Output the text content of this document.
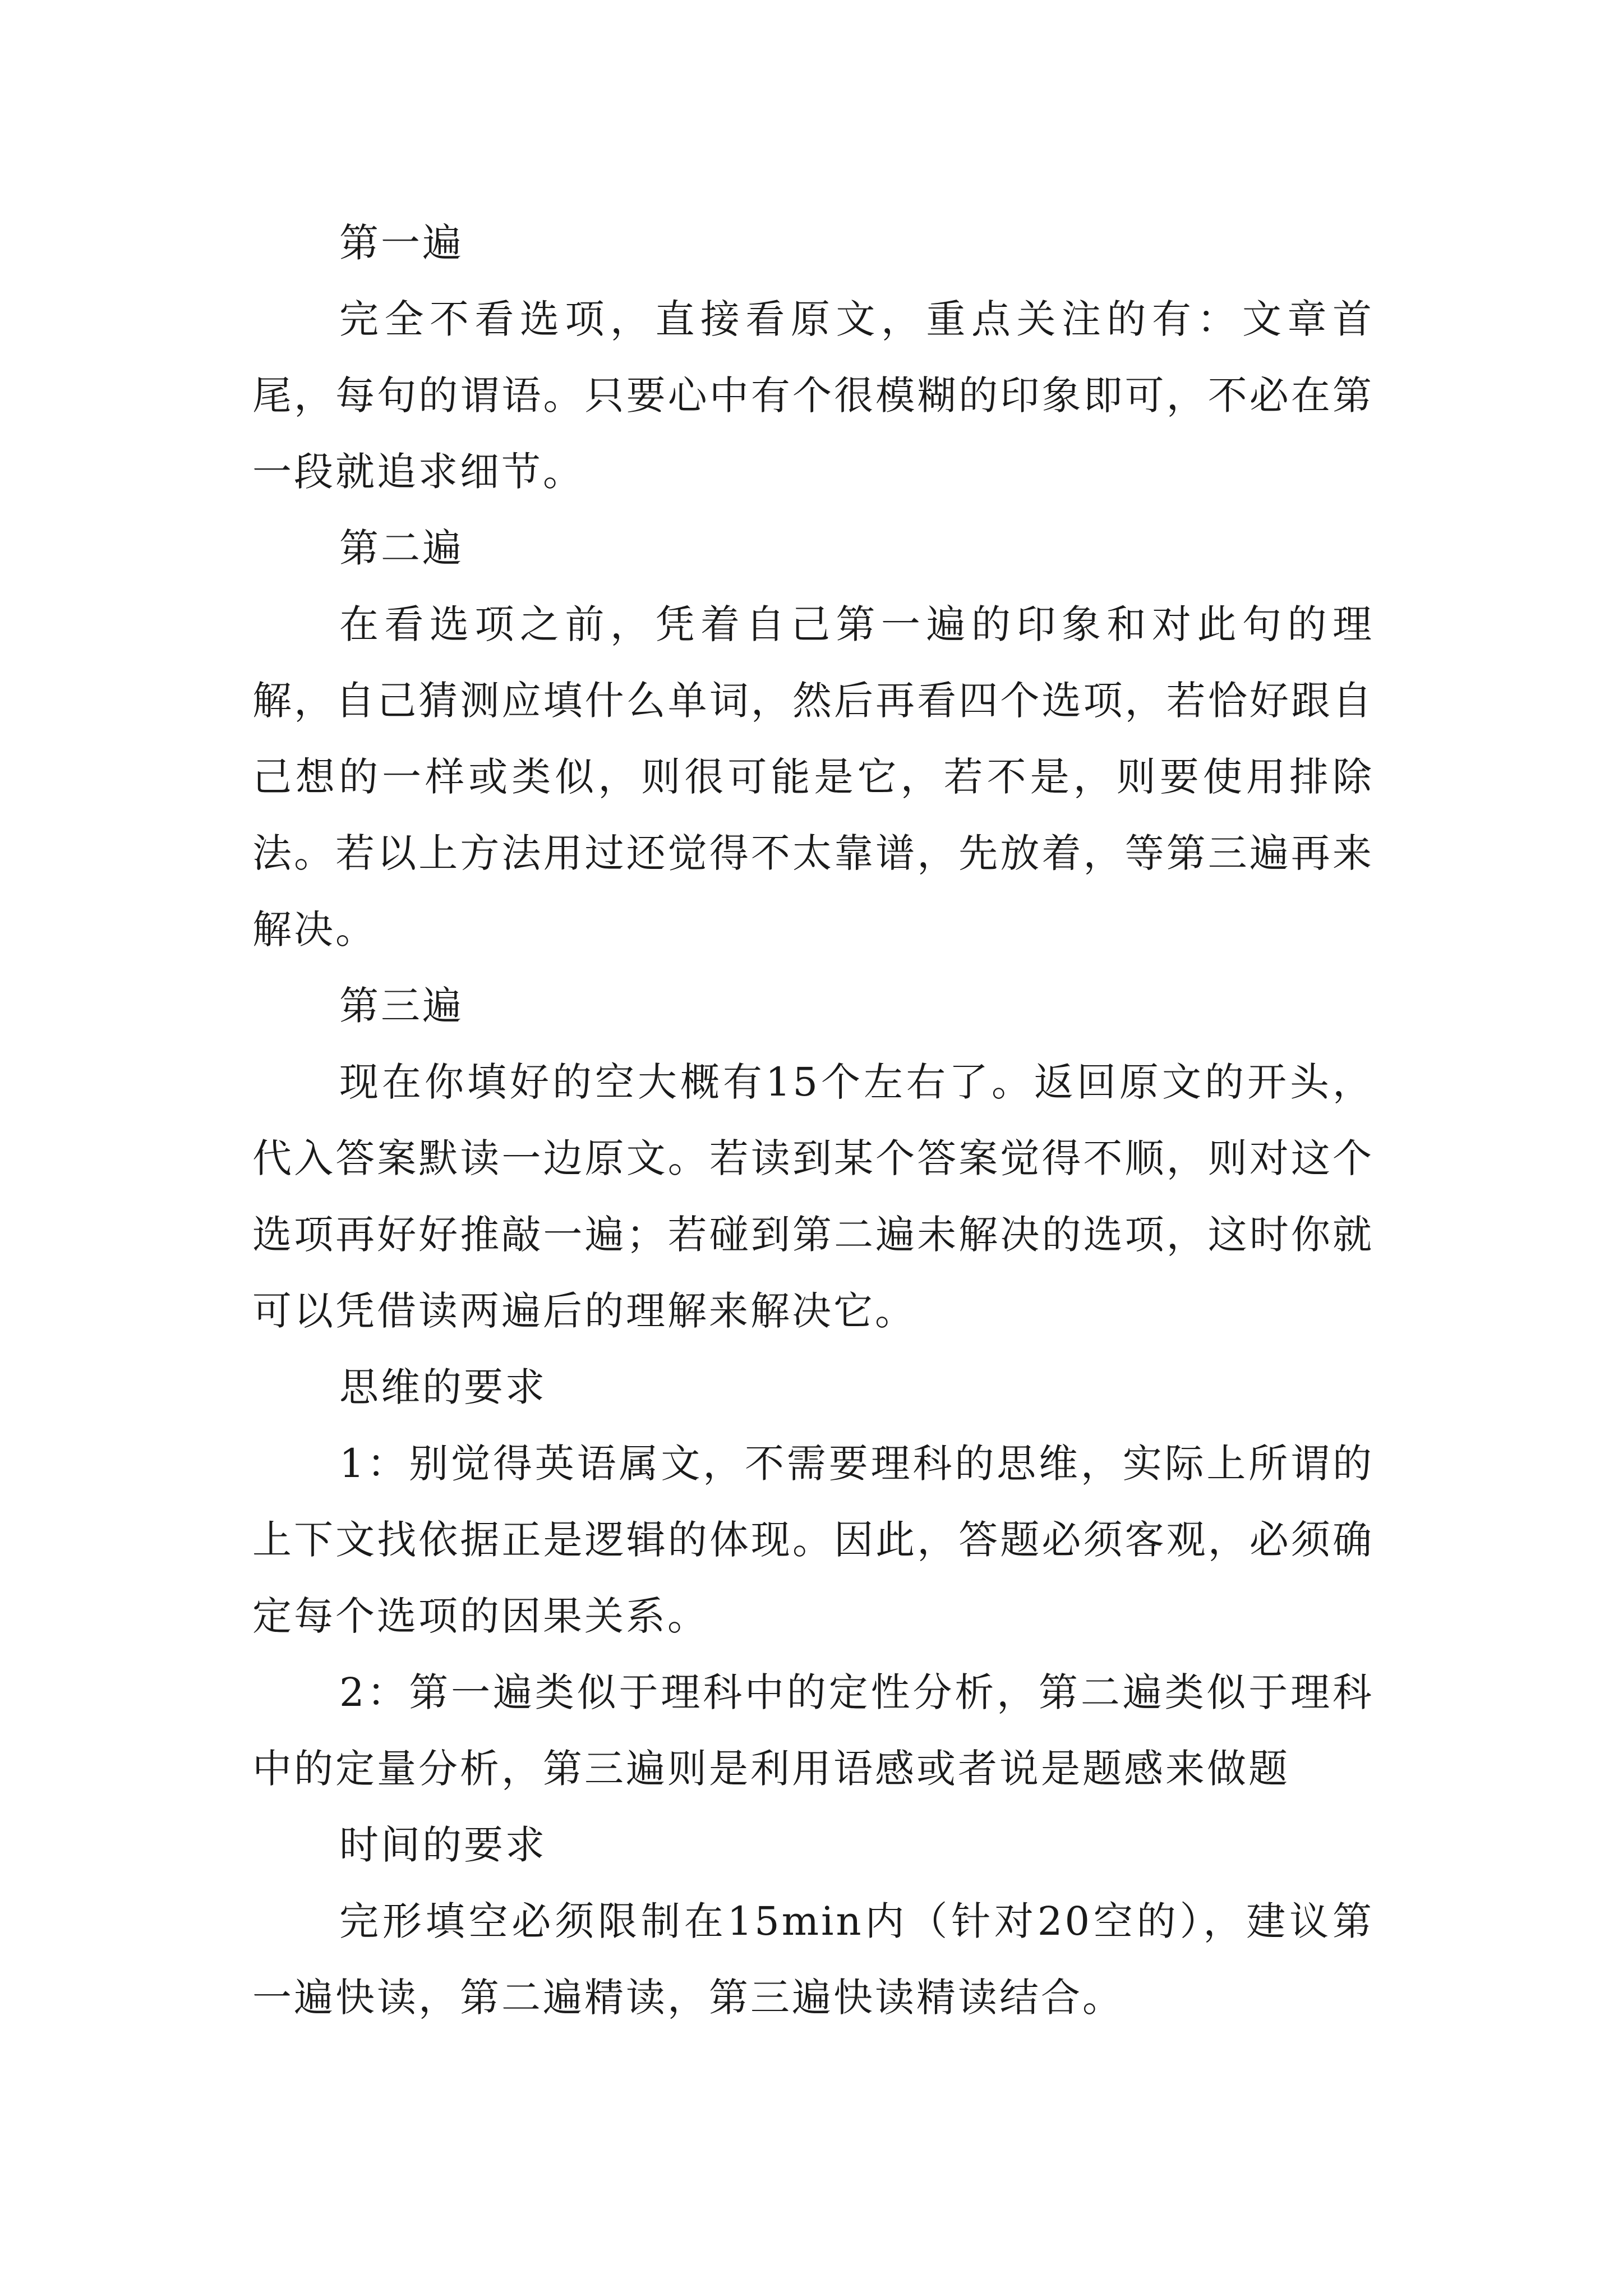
第一遍

完全不看选项，直接看原文，重点关注的有：文章首尾，每句的谓语。只要心中有个很模糊的印象即可，不必在第一段就追求细节。

第二遍

在看选项之前，凭着自己第一遍的印象和对此句的理解，自己猜测应填什么单词，然后再看四个选项，若恰好跟自己想的一样或类似，则很可能是它，若不是，则要使用排除法。若以上方法用过还觉得不太靠谱，先放着，等第三遍再来解决。

第三遍

现在你填好的空大概有15个左右了。返回原文的开头，代入答案默读一边原文。若读到某个答案觉得不顺，则对这个选项再好好推敲一遍；若碰到第二遍未解决的选项，这时你就可以凭借读两遍后的理解来解决它。

思维的要求

1：别觉得英语属文，不需要理科的思维，实际上所谓的上下文找依据正是逻辑的体现。因此，答题必须客观，必须确定每个选项的因果关系。

2：第一遍类似于理科中的定性分析，第二遍类似于理科中的定量分析，第三遍则是利用语感或者说是题感来做题

时间的要求

完形填空必须限制在15min内（针对20空的），建议第一遍快读，第二遍精读，第三遍快读精读结合。
